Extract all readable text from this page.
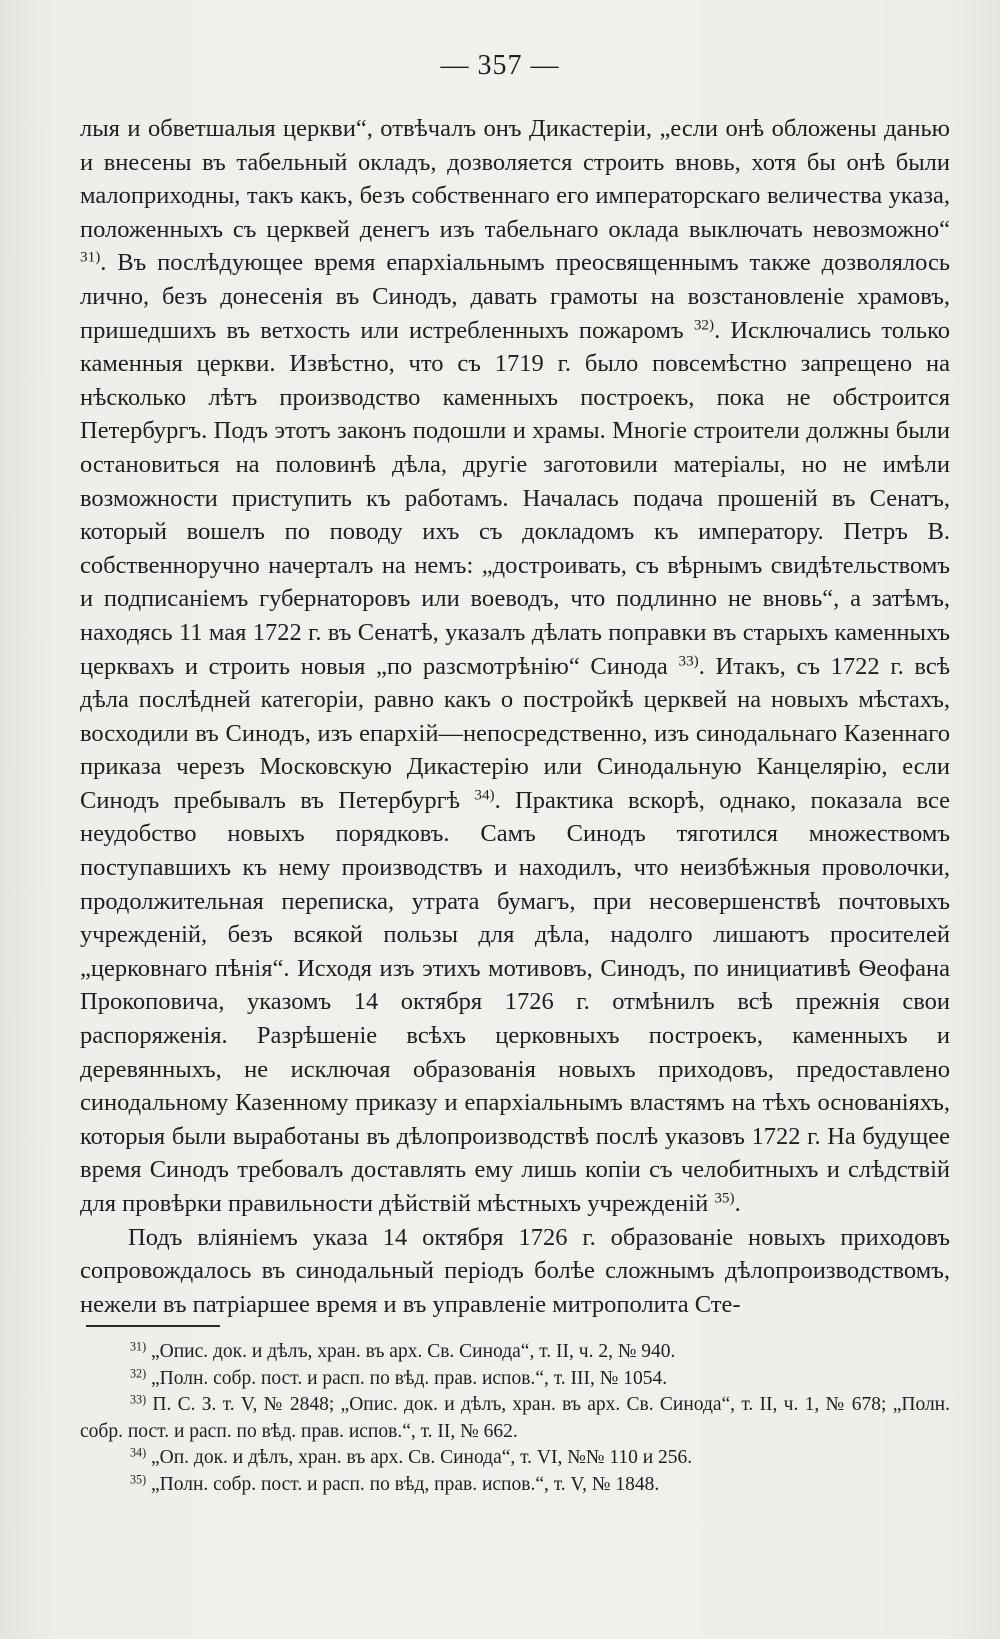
— 357 —

лыя и обветшалыя церкви“, отвѣчалъ онъ Дикастеріи, „если онѣ обложены данью и внесены въ табельный окладъ, дозволяется строить вновь, хотя бы онѣ были малоприходны, такъ какъ, безъ собственнаго его императорскаго величества указа, положенныхъ съ церквей денегъ изъ табельнаго оклада выключать невозможно“ $^{31)}$. Въ послѣдующее время епархіальнымъ преосвященнымъ также дозволялось лично, безъ донесенія въ Синодъ, давать грамоты на возстановленіе храмовъ, пришедшихъ въ ветхость или истребленныхъ пожаромъ $^{32)}$. Исключались только каменныя церкви. Извѣстно, что съ 1719 г. было повсемѣстно запрещено на нѣсколько лѣтъ производство каменныхъ построекъ, пока не обстроится Петербургъ. Подъ этотъ законъ подошли и храмы. Многіе строители должны были остановиться на половинѣ дѣла, другіе заготовили матеріалы, но не имѣли возможности приступить къ работамъ. Началась подача прошеній въ Сенатъ, который вошелъ по поводу ихъ съ докладомъ къ императору. Петръ В. собственноручно начерталъ на немъ: „достроивать, съ вѣрнымъ свидѣтельствомъ и подписаніемъ губернаторовъ или воеводъ, что подлинно не вновь“, а затѣмъ, находясь 11 мая 1722 г. въ Сенатѣ, указалъ дѣлать поправки въ старыхъ каменныхъ церквахъ и строить новыя „по разсмотрѣнію“ Синода $^{33)}$. Итакъ, съ 1722 г. всѣ дѣла послѣдней категоріи, равно какъ о постройкѣ церквей на новыхъ мѣстахъ, восходили въ Синодъ, изъ епархій—непосредственно, изъ синодальнаго Казеннаго приказа черезъ Московскую Дикастерію или Синодальную Канцелярію, если Синодъ пребывалъ въ Петербургѣ $^{34)}$. Практика вскорѣ, однако, показала все неудобство новыхъ порядковъ. Самъ Синодъ тяготился множествомъ поступавшихъ къ нему производствъ и находилъ, что неизбѣжныя проволочки, продолжительная переписка, утрата бумагъ, при несовершенствѣ почтовыхъ учрежденій, безъ всякой пользы для дѣла, надолго лишаютъ просителей „церковнаго пѣнія“. Исходя изъ этихъ мотивовъ, Синодъ, по инициативѣ Ѳеофана Прокоповича, указомъ 14 октября 1726 г. отмѣнилъ всѣ прежнія свои распоряженія. Разрѣшеніе всѣхъ церковныхъ построекъ, каменныхъ и деревянныхъ, не исключая образованія новыхъ приходовъ, предоставлено синодальному Казенному приказу и епархіальнымъ властямъ на тѣхъ основаніяхъ, которыя были выработаны въ дѣлопроизводствѣ послѣ указовъ 1722 г. На будущее время Синодъ требовалъ доставлять ему лишь копіи съ челобитныхъ и слѣдствій для провѣрки правильности дѣйствій мѣстныхъ учрежденій $^{35)}$.

Подъ вліяніемъ указа 14 октября 1726 г. образованіе новыхъ приходовъ сопровождалось въ синодальный періодъ болѣе сложнымъ дѣлопроизводствомъ, нежели въ патріаршее время и въ управленіе митрополита Сте-

$^{31)}$ „Опис. док. и дѣлъ, хран. въ арх. Св. Синода“, т. II, ч. 2, № 940.

$^{32)}$ „Полн. собр. пост. и расп. по вѣд. прав. испов.“, т. III, № 1054.

$^{33)}$ П. С. З. т. V, № 2848; „Опис. док. и дѣлъ, хран. въ арх. Св. Синода“, т. II, ч. 1, № 678; „Полн. собр. пост. и расп. по вѣд. прав. испов.“, т. II, № 662.

$^{34)}$ „Оп. док. и дѣлъ, хран. въ арх. Св. Синода“, т. VI, №№ 110 и 256.

$^{35)}$ „Полн. собр. пост. и расп. по вѣд, прав. испов.“, т. V, № 1848.
